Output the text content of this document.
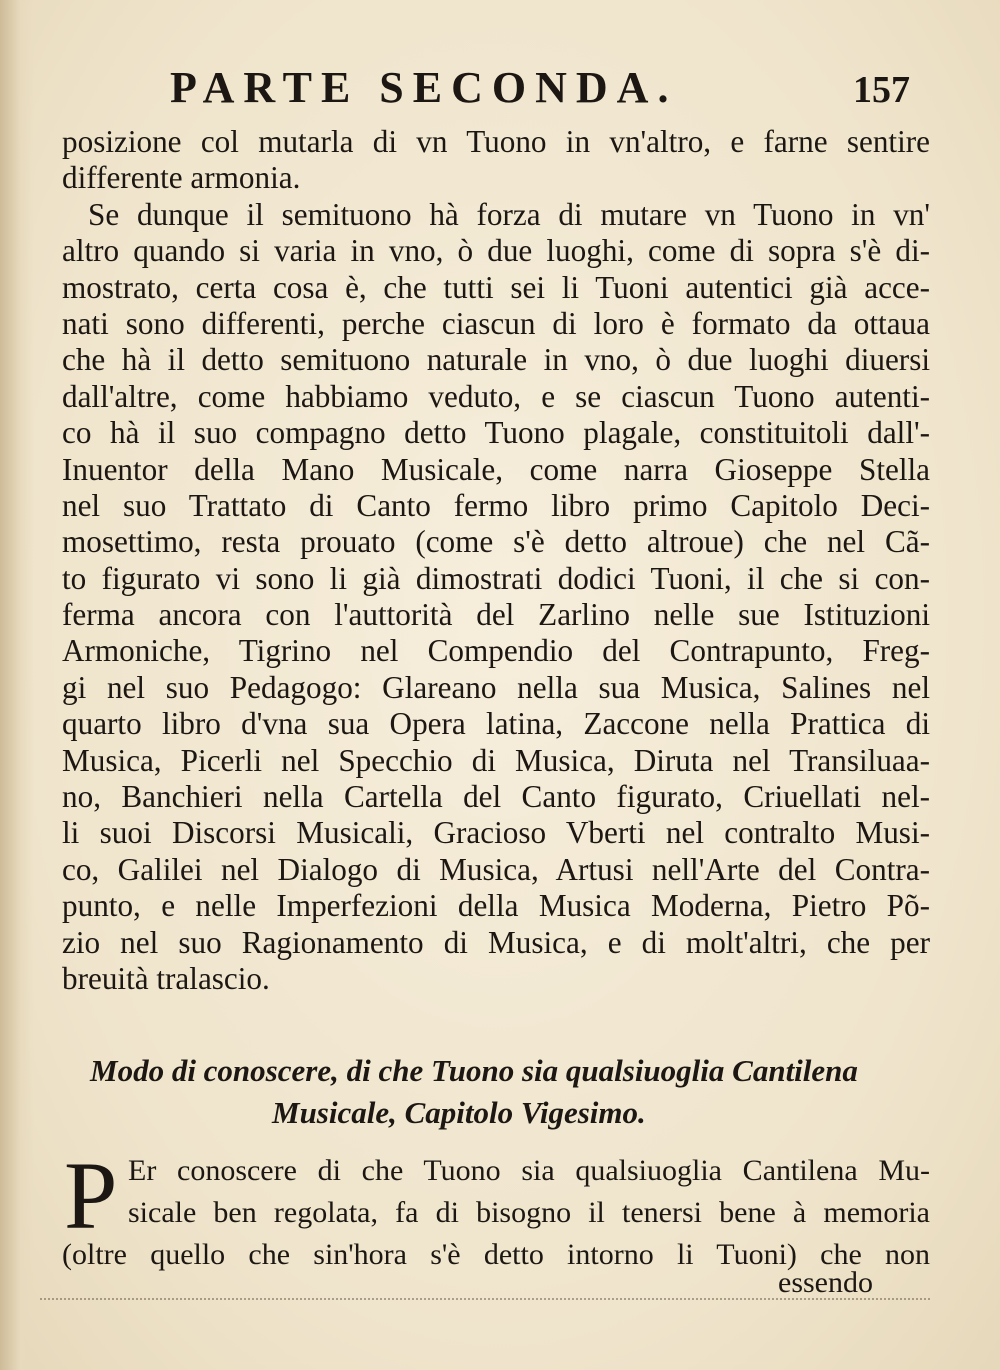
PARTE SECONDA.	157
posizione col mutarla di vn Tuono in vn'altro, e farne sentire
differente armonia.
Se dunque il semituono hà forza di mutare vn Tuono in vn'
altro quando si varia in vno, ò due luoghi, come di sopra s'è di-
mostrato, certa cosa è, che tutti sei li Tuoni autentici già acce-
nati sono differenti, perche ciascun di loro è formato da ottaua
che hà il detto semituono naturale in vno, ò due luoghi diuersi
dall'altre, come habbiamo veduto, e se ciascun Tuono autenti-
co hà il suo compagno detto Tuono plagale, constituitoli dall'-
Inuentor della Mano Musicale, come narra Gioseppe Stella
nel suo Trattato di Canto fermo libro primo Capitolo Deci-
mosettimo, resta prouato (come s'è detto altroue) che nel Cã-
to figurato vi sono li già dimostrati dodici Tuoni, il che si con-
ferma ancora con l'auttorità del Zarlino nelle sue Istituzioni
Armoniche, Tigrino nel Compendio del Contrapunto, Freg-
gi nel suo Pedagogo: Glareano nella sua Musica, Salines nel
quarto libro d'vna sua Opera latina, Zaccone nella Prattica di
Musica, Picerli nel Specchio di Musica, Diruta nel Transiluaa-
no, Banchieri nella Cartella del Canto figurato, Criuellati nel-
li suoi Discorsi Musicali, Gracioso Vberti nel contralto Musi-
co, Galilei nel Dialogo di Musica, Artusi nell'Arte del Contra-
punto, e nelle Imperfezioni della Musica Moderna, Pietro Põ-
zio nel suo Ragionamento di Musica, e di molt'altri, che per
breuità tralascio.
Modo di conoscere, di che Tuono sia qualsiuoglia Cantilena
Musicale, Capitolo Vigesimo.
P Er conoscere di che Tuono sia qualsiuoglia Cantilena Mu-
sicale ben regolata, fa di bisogno il tenersi bene à memoria
(oltre quello che sin'hora s'è detto intorno li Tuoni) che non
essendo
